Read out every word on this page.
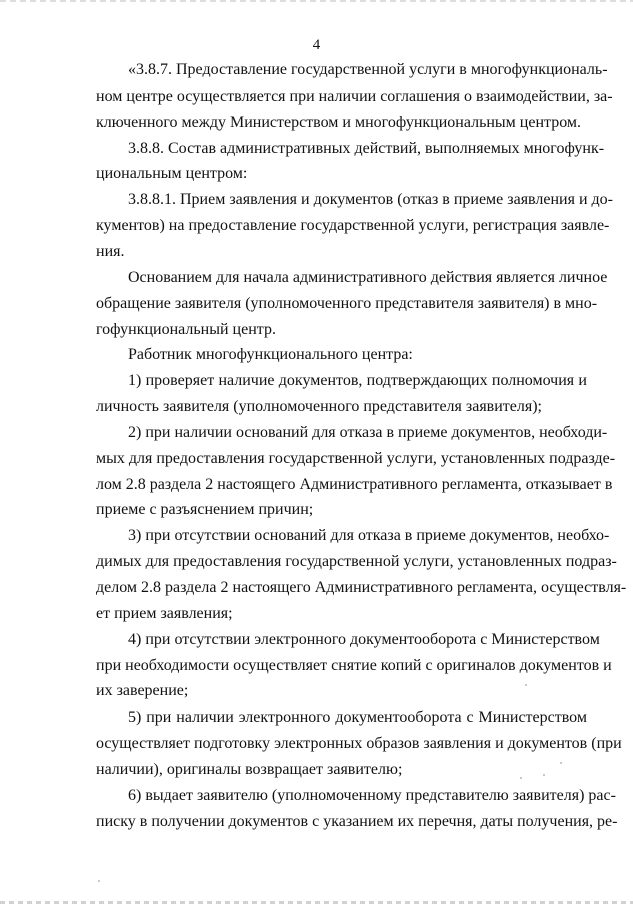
4
«3.8.7. Предоставление государственной услуги в многофункциональ-
ном центре осуществляется при наличии соглашения о взаимодействии, за-
ключенного между Министерством и многофункциональным центром.
3.8.8. Состав административных действий, выполняемых многофунк-
циональным центром:
3.8.8.1. Прием заявления и документов (отказ в приеме заявления и до-
кументов) на предоставление государственной услуги, регистрация заявле-
ния.
Основанием для начала административного действия является личное
обращение заявителя (уполномоченного представителя заявителя) в мно-
гофункциональный центр.
Работник многофункционального центра:
1) проверяет наличие документов, подтверждающих полномочия и
личность заявителя (уполномоченного представителя заявителя);
2) при наличии оснований для отказа в приеме документов, необходи-
мых для предоставления государственной услуги, установленных подразде-
лом 2.8 раздела 2 настоящего Административного регламента, отказывает в
приеме с разъяснением причин;
3) при отсутствии оснований для отказа в приеме документов, необхо-
димых для предоставления государственной услуги, установленных подраз-
делом 2.8 раздела 2 настоящего Административного регламента, осуществля-
ет прием заявления;
4) при отсутствии электронного документооборота с Министерством
при необходимости осуществляет снятие копий с оригиналов документов и
их заверение;
5) при наличии электронного документооборота с Министерством
осуществляет подготовку электронных образов заявления и документов (при
наличии), оригиналы возвращает заявителю;
6) выдает заявителю (уполномоченному представителю заявителя) рас-
писку в получении документов с указанием их перечня, даты получения, ре-
